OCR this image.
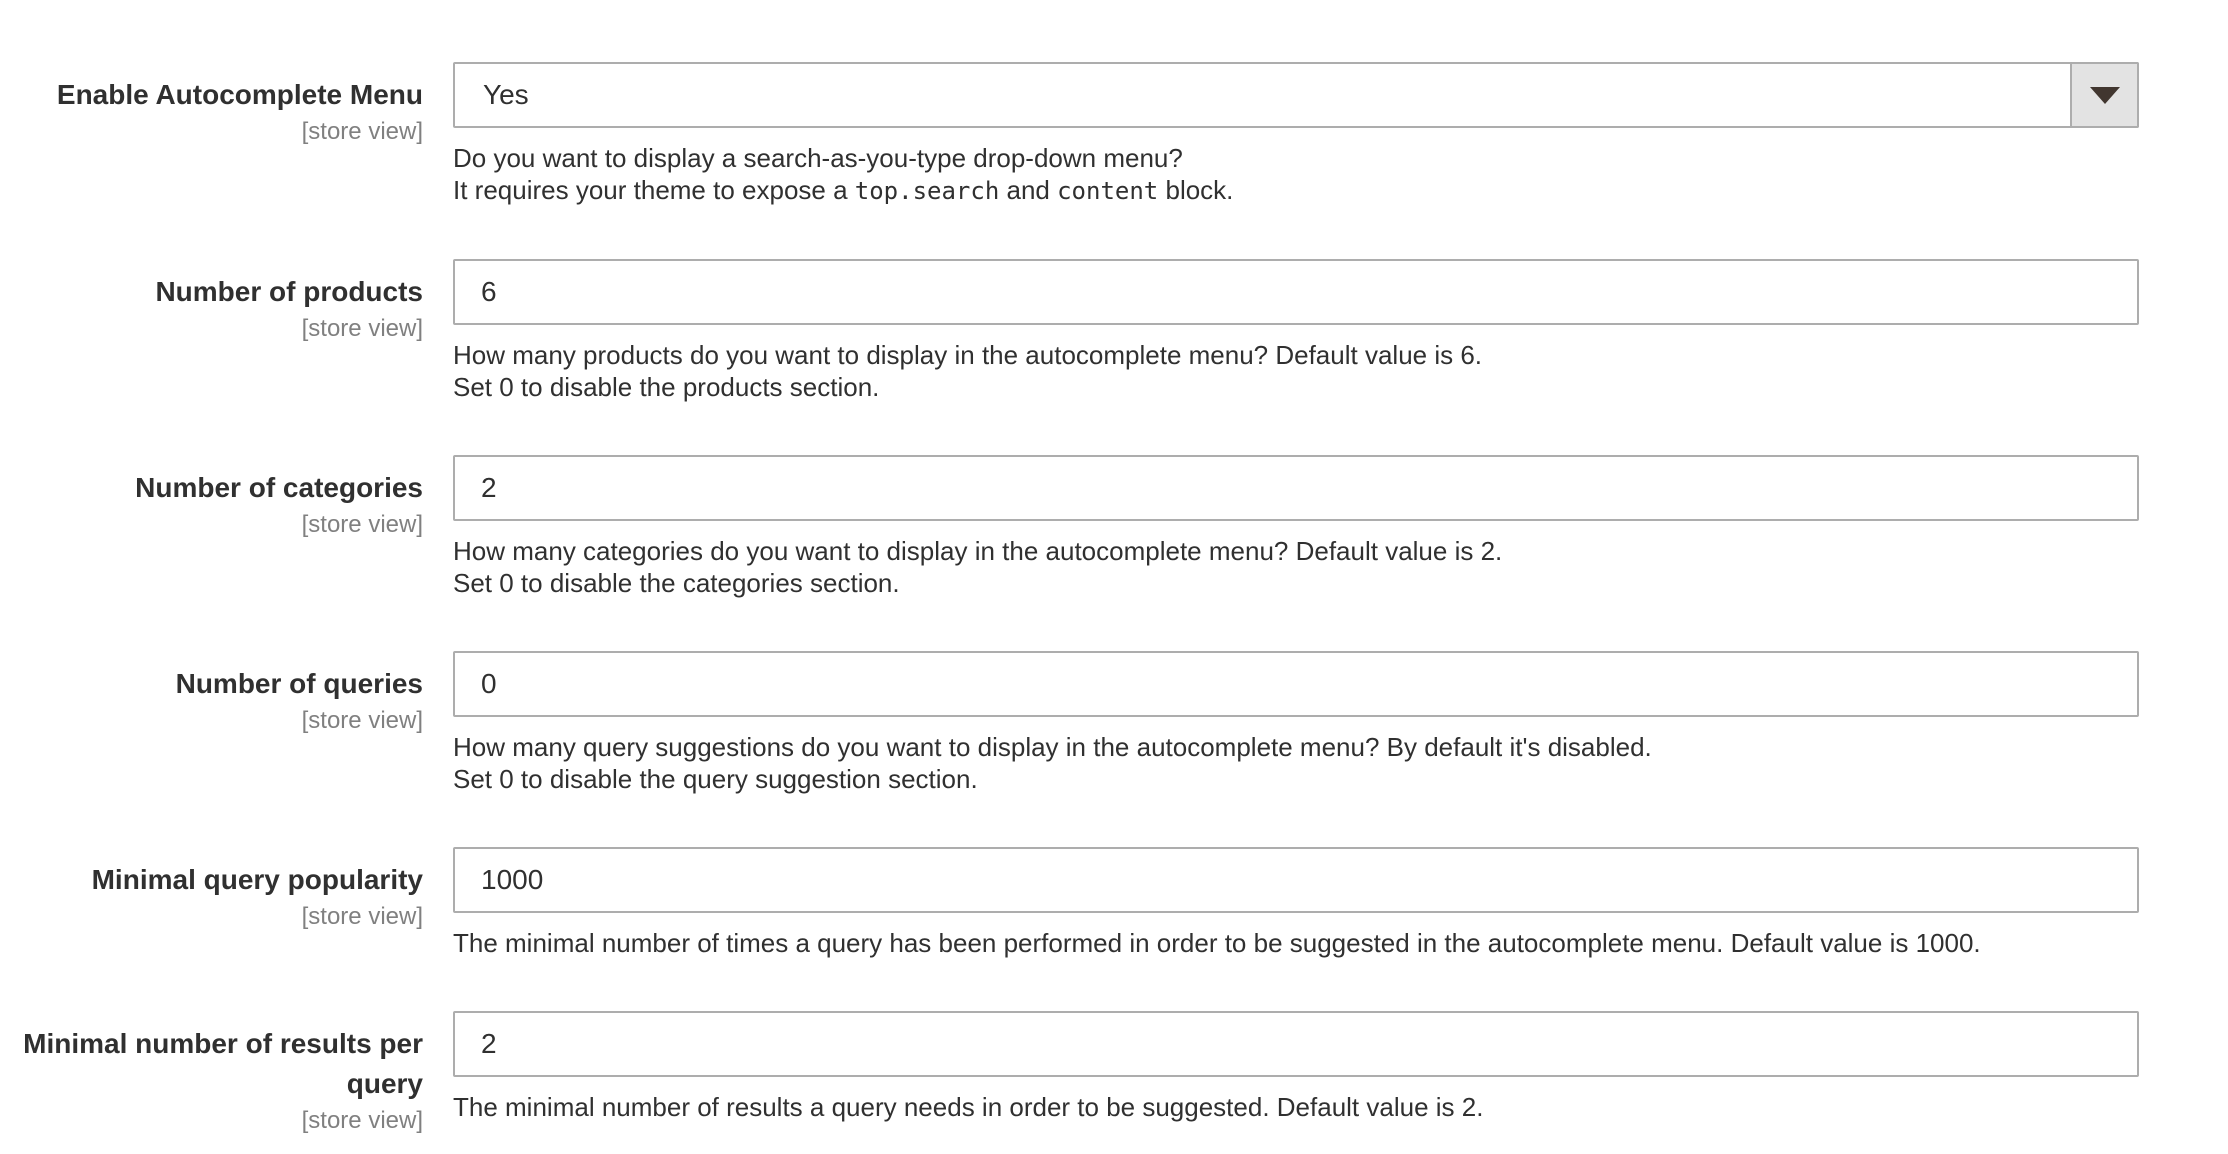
Enable Autocomplete Menu
[store view]
Yes
Do you want to display a search-as-you-type drop-down menu?
It requires your theme to expose a top.search and content block.
Number of products
[store view]
6
How many products do you want to display in the autocomplete menu? Default value is 6.
Set 0 to disable the products section.
Number of categories
[store view]
2
How many categories do you want to display in the autocomplete menu? Default value is 2.
Set 0 to disable the categories section.
Number of queries
[store view]
0
How many query suggestions do you want to display in the autocomplete menu? By default it's disabled.
Set 0 to disable the query suggestion section.
Minimal query popularity
[store view]
1000
The minimal number of times a query has been performed in order to be suggested in the autocomplete menu. Default value is 1000.
Minimal number of results per query
[store view]
2 The minimal number of results a query needs in order to be suggested. Default value is 2.
